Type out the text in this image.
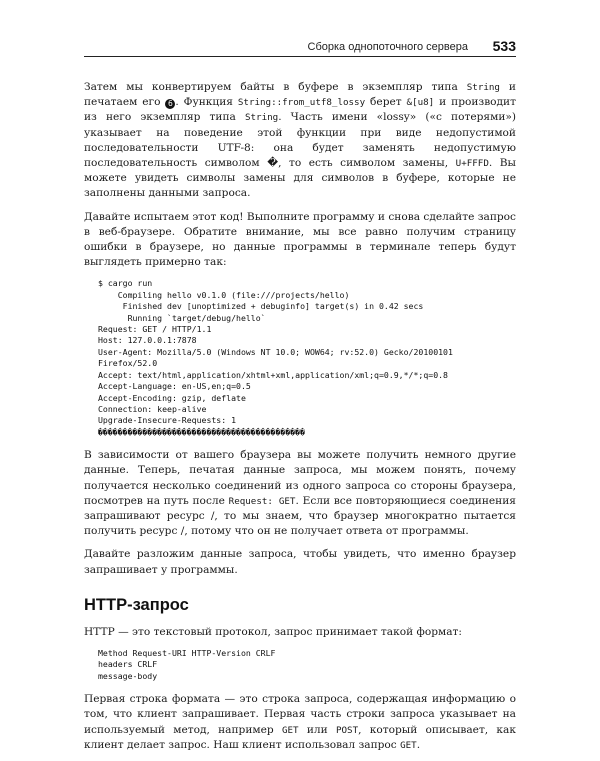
Сборка однопоточного сервера 533

Затем мы конвертируем байты в буфере в экземпляр типа String и печатаем его 6 . Функция String::from_utf8_lossy берет &[u8] и производит из него экземпляр типа String. Часть имени «lossy» («с потерями») указывает на поведение этой функции при виде недопустимой последовательности UTF-8: она будет заменять недопустимую последовательность символом �, то есть символом замены, U+FFFD. Вы можете увидеть символы замены для символов в буфере, которые не заполнены данными запроса.

Давайте испытаем этот код! Выполните программу и снова сделайте запрос в веб-браузере. Обратите внимание, мы все равно получим страницу ошибки в браузере, но данные программы в терминале теперь будут выглядеть примерно так:

$ cargo run
Compiling hello v0.1.0 (file:///projects/hello)
Finished dev [unoptimized + debuginfo] target(s) in 0.42 secs
Running `target/debug/hello`
Request: GET / HTTP/1.1
Host: 127.0.0.1:7878
User-Agent: Mozilla/5.0 (Windows NT 10.0; WOW64; rv:52.0) Gecko/20100101
Firefox/52.0
Accept: text/html,application/xhtml+xml,application/xml;q=0.9,*/*;q=0.8
Accept-Language: en-US,en;q=0.5
Accept-Encoding: gzip, deflate
Connection: keep-alive
Upgrade-Insecure-Requests: 1
������������������������������������������

В зависимости от вашего браузера вы можете получить немного другие данные. Теперь, печатая данные запроса, мы можем понять, почему получается несколько соединений из одного запроса со стороны браузера, посмотрев на путь после Request: GET. Если все повторяющиеся соединения запрашивают ресурс /, то мы знаем, что браузер многократно пытается получить ресурс /, потому что он не получает ответа от программы.

Давайте разложим данные запроса, чтобы увидеть, что именно браузер запрашивает у программы.

HTTP-запрос

HTTP — это текстовый протокол, запрос принимает такой формат:

Method Request-URI HTTP-Version CRLF
headers CRLF
message-body

Первая строка формата — это строка запроса, содержащая информацию о том, что клиент запрашивает. Первая часть строки запроса указывает на используемый метод, например GET или POST, который описывает, как клиент делает запрос. Наш клиент использовал запрос GET.
